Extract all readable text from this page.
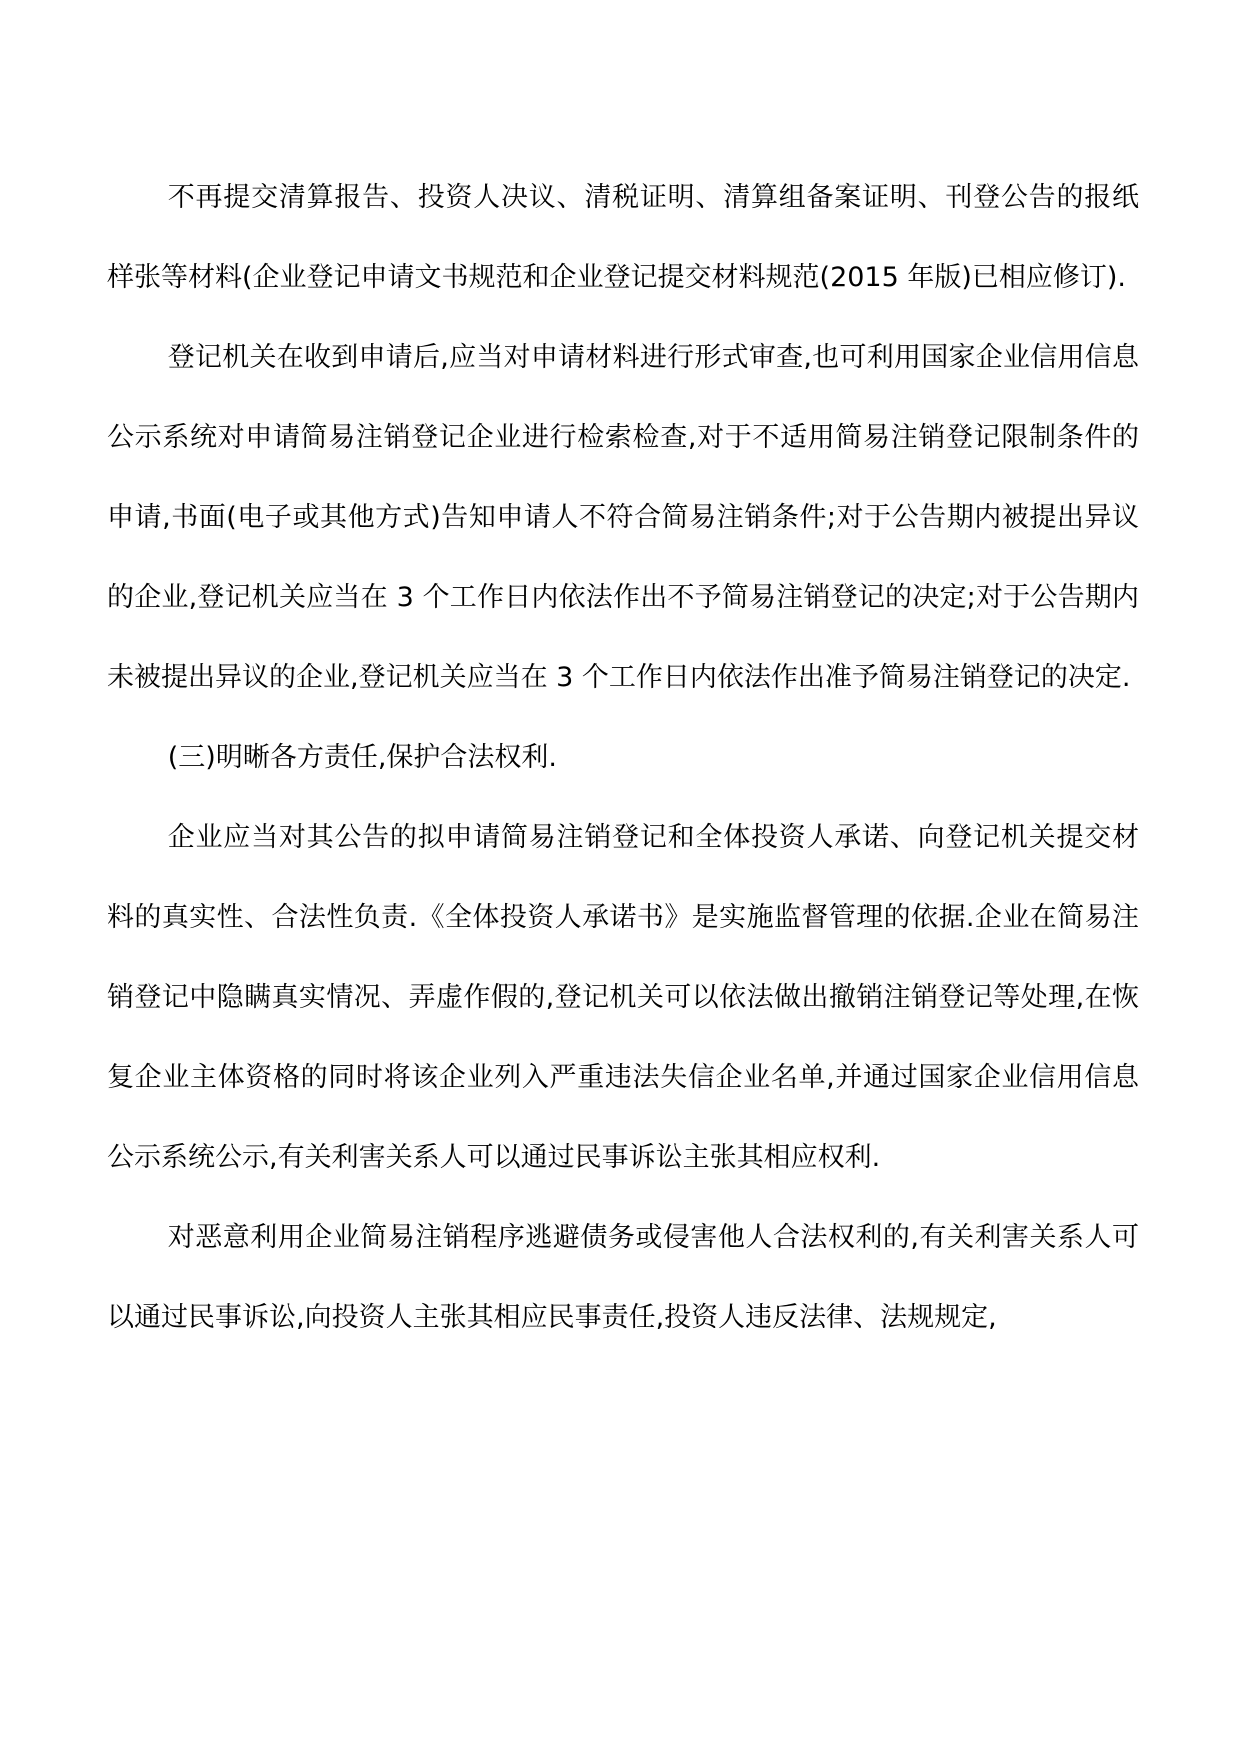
不再提交清算报告、投资人决议、清税证明、清算组备案证明、刊登公告的报纸样张等材料(企业登记申请文书规范和企业登记提交材料规范(2015 年版)已相应修订).

登记机关在收到申请后,应当对申请材料进行形式审查,也可利用国家企业信用信息公示系统对申请简易注销登记企业进行检索检查,对于不适用简易注销登记限制条件的申请,书面(电子或其他方式)告知申请人不符合简易注销条件;对于公告期内被提出异议的企业,登记机关应当在 3 个工作日内依法作出不予简易注销登记的决定;对于公告期内未被提出异议的企业,登记机关应当在 3 个工作日内依法作出准予简易注销登记的决定.

(三)明晰各方责任,保护合法权利.

企业应当对其公告的拟申请简易注销登记和全体投资人承诺、向登记机关提交材料的真实性、合法性负责.《全体投资人承诺书》是实施监督管理的依据.企业在简易注销登记中隐瞒真实情况、弄虚作假的,登记机关可以依法做出撤销注销登记等处理,在恢复企业主体资格的同时将该企业列入严重违法失信企业名单,并通过国家企业信用信息公示系统公示,有关利害关系人可以通过民事诉讼主张其相应权利.

对恶意利用企业简易注销程序逃避债务或侵害他人合法权利的,有关利害关系人可以通过民事诉讼,向投资人主张其相应民事责任,投资人违反法律、法规规定,
